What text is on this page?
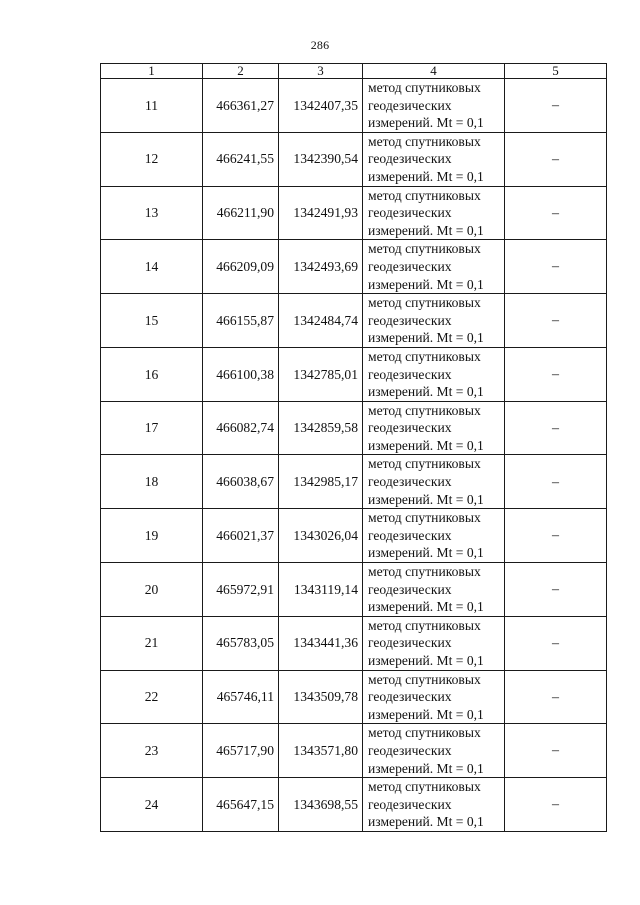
286
1	2	3	4	5
11	466361,27	1342407,35	метод спутниковых
геодезических
измерений. Mt = 0,1	–
12	466241,55	1342390,54	метод спутниковых
геодезических
измерений. Mt = 0,1	–
13	466211,90	1342491,93	метод спутниковых
геодезических
измерений. Mt = 0,1	–
14	466209,09	1342493,69	метод спутниковых
геодезических
измерений. Mt = 0,1	–
15	466155,87	1342484,74	метод спутниковых
геодезических
измерений. Mt = 0,1	–
16	466100,38	1342785,01	метод спутниковых
геодезических
измерений. Mt = 0,1	–
17	466082,74	1342859,58	метод спутниковых
геодезических
измерений. Mt = 0,1	–
18	466038,67	1342985,17	метод спутниковых
геодезических
измерений. Mt = 0,1	–
19	466021,37	1343026,04	метод спутниковых
геодезических
измерений. Mt = 0,1	–
20	465972,91	1343119,14	метод спутниковых
геодезических
измерений. Mt = 0,1	–
21	465783,05	1343441,36	метод спутниковых
геодезических
измерений. Mt = 0,1	–
22	465746,11	1343509,78	метод спутниковых
геодезических
измерений. Mt = 0,1	–
23	465717,90	1343571,80	метод спутниковых
геодезических
измерений. Mt = 0,1	–
24	465647,15	1343698,55	метод спутниковых
геодезических
измерений. Mt = 0,1	–
